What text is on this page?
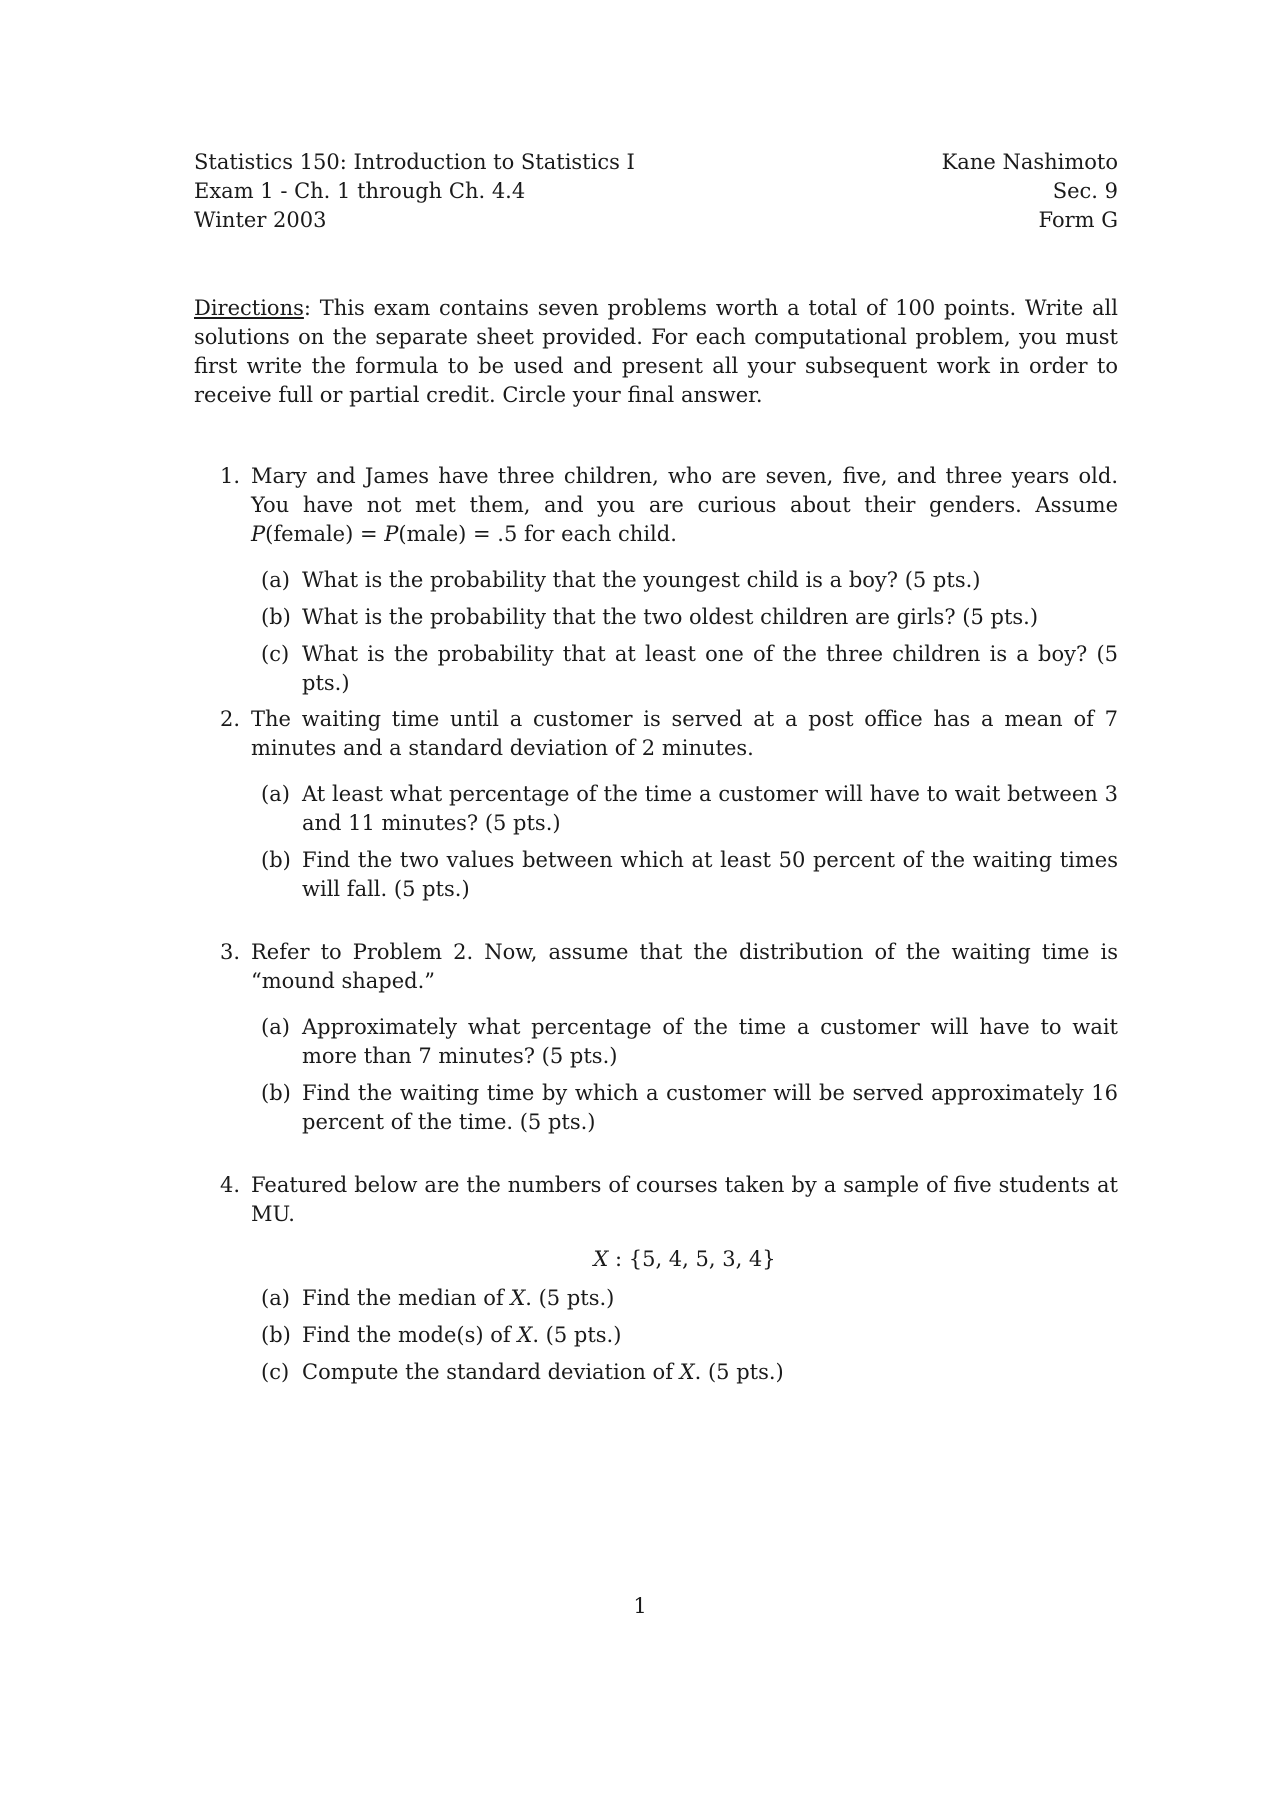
Statistics 150: Introduction to Statistics I
Exam 1 - Ch. 1 through Ch. 4.4
Winter 2003
Kane Nashimoto
Sec. 9
Form G
Directions: This exam contains seven problems worth a total of 100 points. Write all solutions on the separate sheet provided. For each computational problem, you must first write the formula to be used and present all your subsequent work in order to receive full or partial credit. Circle your final answer.
1. Mary and James have three children, who are seven, five, and three years old. You have not met them, and you are curious about their genders. Assume P(female) = P(male) = .5 for each child.
(a) What is the probability that the youngest child is a boy? (5 pts.)
(b) What is the probability that the two oldest children are girls? (5 pts.)
(c) What is the probability that at least one of the three children is a boy? (5 pts.)
2. The waiting time until a customer is served at a post office has a mean of 7 minutes and a standard deviation of 2 minutes.
(a) At least what percentage of the time a customer will have to wait between 3 and 11 minutes? (5 pts.)
(b) Find the two values between which at least 50 percent of the waiting times will fall. (5 pts.)
3. Refer to Problem 2. Now, assume that the distribution of the waiting time is “mound shaped.”
(a) Approximately what percentage of the time a customer will have to wait more than 7 minutes? (5 pts.)
(b) Find the waiting time by which a customer will be served approximately 16 percent of the time. (5 pts.)
4. Featured below are the numbers of courses taken by a sample of five students at MU.
X : {5, 4, 5, 3, 4}
(a) Find the median of X. (5 pts.)
(b) Find the mode(s) of X. (5 pts.)
(c) Compute the standard deviation of X. (5 pts.)
1
